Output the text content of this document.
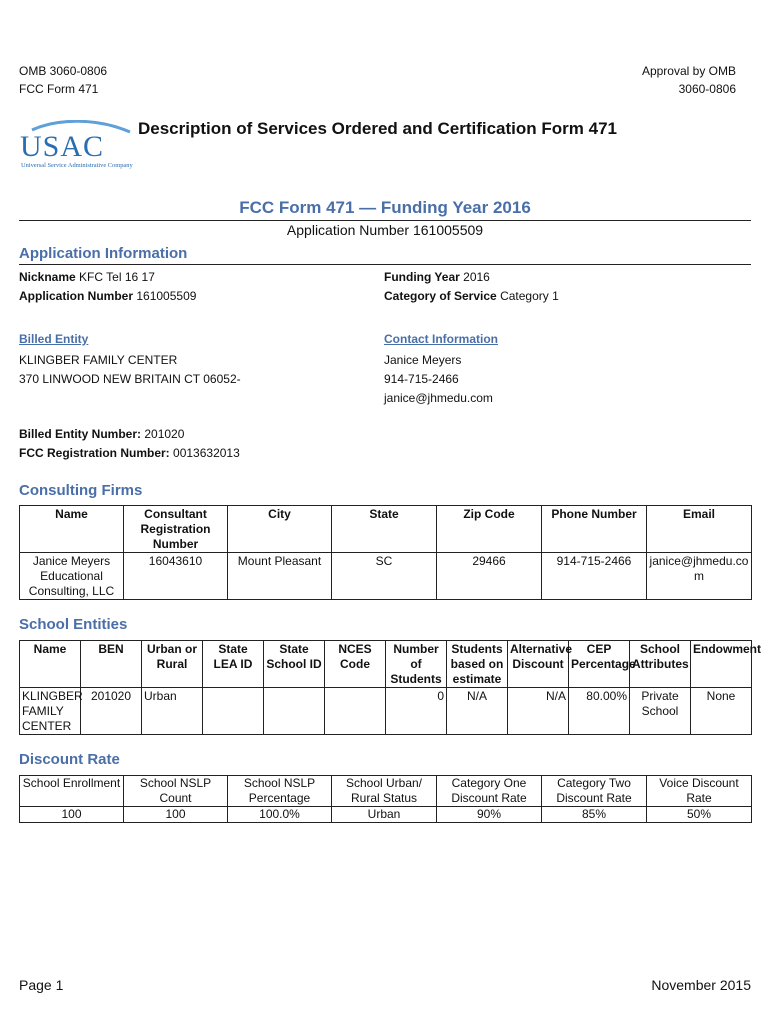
OMB 3060-0806
FCC Form 471
Approval by OMB
3060-0806
USAC
Universal Service Administrative Company
Description of Services Ordered and Certification Form 471
FCC Form 471 — Funding Year 2016
Application Number 161005509
Application Information
Nickname KFC Tel 16 17
Application Number 161005509
Funding Year 2016
Category of Service Category 1
Billed Entity
KLINGBER FAMILY CENTER
370 LINWOOD NEW BRITAIN CT 06052-
Contact Information
Janice Meyers
914-715-2466
janice@jhmedu.com
Billed Entity Number: 201020
FCC Registration Number: 0013632013
Consulting Firms
Name	Consultant Registration Number	City	State	Zip Code	Phone Number	Email
Janice Meyers Educational Consulting, LLC	16043610	Mount Pleasant	SC	29466	914-715-2466	janice@jhmedu.com
School Entities
Name	BEN	Urban or Rural	State LEA ID	State School ID	NCES Code	Number of Students	Students based on estimate	Alternative Discount	CEP Percentage	School Attributes	Endowment
KLINGBER FAMILY CENTER	201020	Urban				0	N/A	N/A	80.00%	Private School	None
Discount Rate
School Enrollment	School NSLP Count	School NSLP Percentage	School Urban/ Rural Status	Category One Discount Rate	Category Two Discount Rate	Voice Discount Rate
100	100	100.0%	Urban	90%	85%	50%
Page 1	November 2015
